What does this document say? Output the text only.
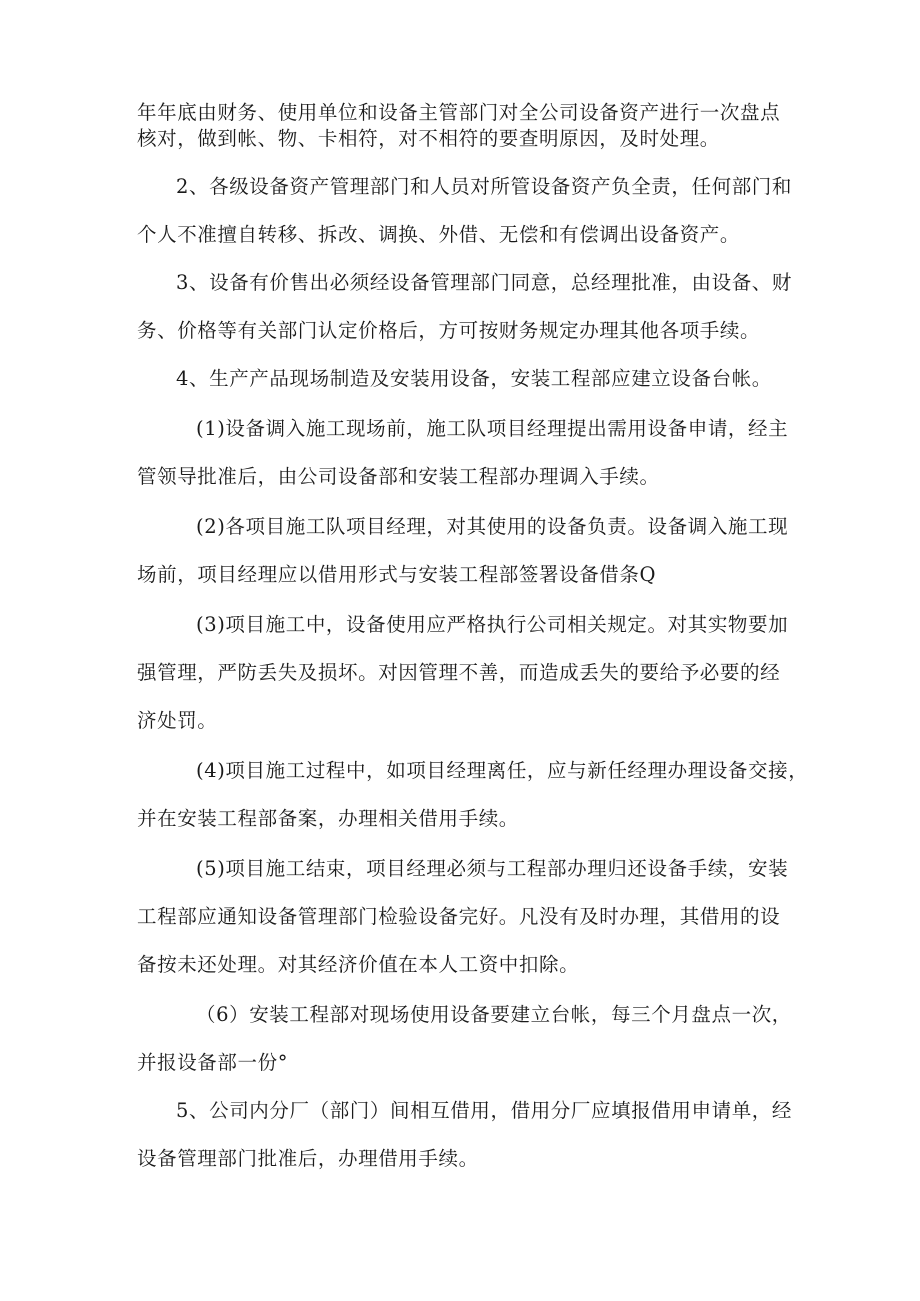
年年底由财务、使用单位和设备主管部门对全公司设备资产进行一次盘点
核对，做到帐、物、卡相符，对不相符的要查明原因，及时处理。
2、各级设备资产管理部门和人员对所管设备资产负全责，任何部门和
个人不准擅自转移、拆改、调换、外借、无偿和有偿调出设备资产。
3、设备有价售出必须经设备管理部门同意，总经理批准，由设备、财
务、价格等有关部门认定价格后，方可按财务规定办理其他各项手续。
4、生产产品现场制造及安装用设备，安装工程部应建立设备台帐。
(1)设备调入施工现场前，施工队项目经理提出需用设备申请，经主
管领导批准后，由公司设备部和安装工程部办理调入手续。
(2)各项目施工队项目经理，对其使用的设备负责。设备调入施工现
场前，项目经理应以借用形式与安装工程部签署设备借条Q
(3)项目施工中，设备使用应严格执行公司相关规定。对其实物要加
强管理，严防丢失及损坏。对因管理不善，而造成丢失的要给予必要的经
济处罚。
(4)项目施工过程中，如项目经理离任，应与新任经理办理设备交接，
并在安装工程部备案，办理相关借用手续。
(5)项目施工结束，项目经理必须与工程部办理归还设备手续，安装
工程部应通知设备管理部门检验设备完好。凡没有及时办理，其借用的设
备按未还处理。对其经济价值在本人工资中扣除。
（6）安装工程部对现场使用设备要建立台帐，每三个月盘点一次，
并报设备部一份°
5、公司内分厂（部门）间相互借用，借用分厂应填报借用申请单，经
设备管理部门批准后，办理借用手续。
